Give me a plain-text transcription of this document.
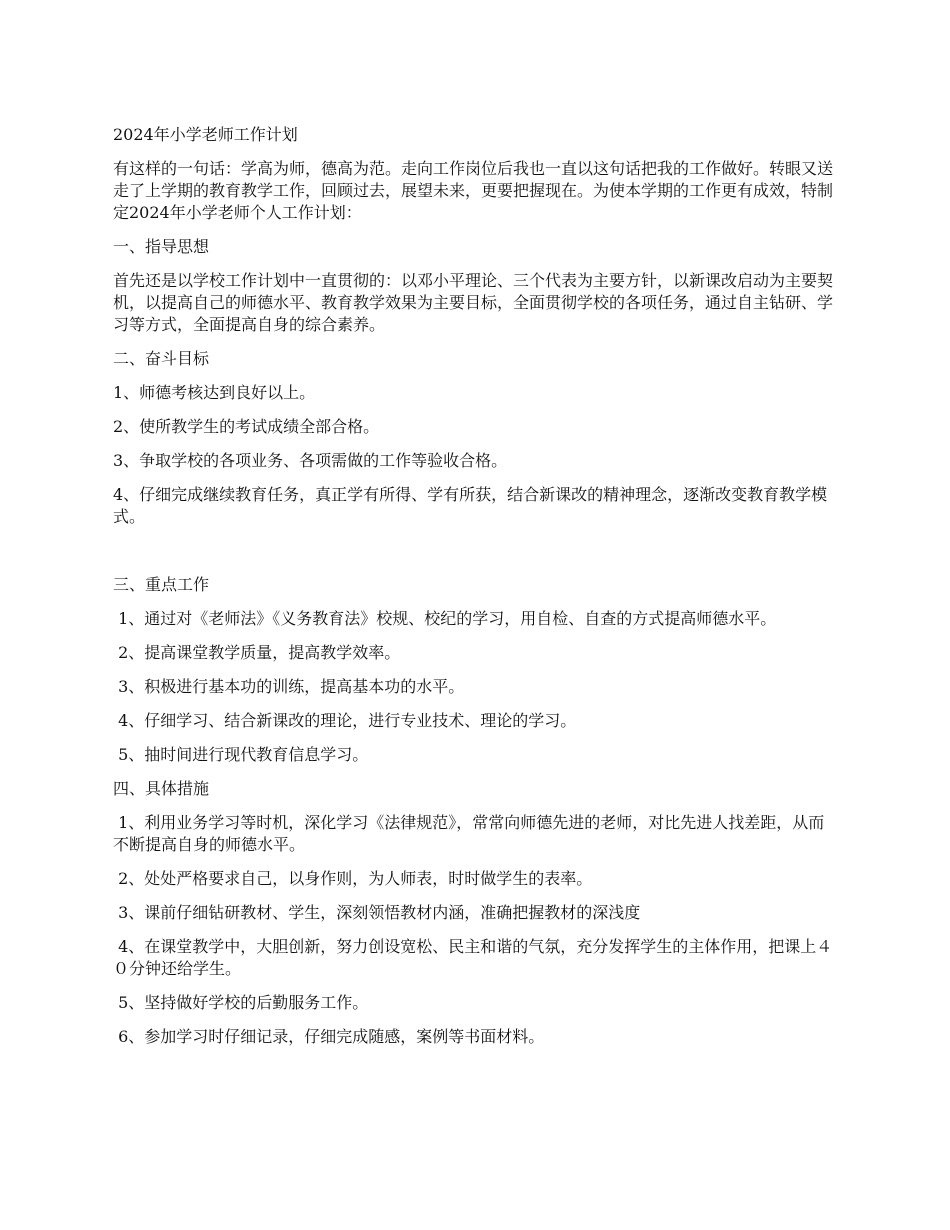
2024年小学老师工作计划

有这样的一句话：学高为师，德高为范。走向工作岗位后我也一直以这句话把我的工作做好。转眼又送走了上学期的教育教学工作，回顾过去，展望未来，更要把握现在。为使本学期的工作更有成效，特制定2024年小学老师个人工作计划：

一、指导思想

首先还是以学校工作计划中一直贯彻的：以邓小平理论、三个代表为主要方针，以新课改启动为主要契机，以提高自己的师德水平、教育教学效果为主要目标，全面贯彻学校的各项任务，通过自主钻研、学习等方式，全面提高自身的综合素养。

二、奋斗目标

1、师德考核达到良好以上。

2、使所教学生的考试成绩全部合格。

3、争取学校的各项业务、各项需做的工作等验收合格。

4、仔细完成继续教育任务，真正学有所得、学有所获，结合新课改的精神理念，逐渐改变教育教学模式。

三、重点工作

1、通过对《老师法》《义务教育法》校规、校纪的学习，用自检、自查的方式提高师德水平。

2、提高课堂教学质量，提高教学效率。

3、积极进行基本功的训练，提高基本功的水平。

4、仔细学习、结合新课改的理论，进行专业技术、理论的学习。

5、抽时间进行现代教育信息学习。

四、具体措施

1、利用业务学习等时机，深化学习《法律规范》，常常向师德先进的老师，对比先进人找差距，从而不断提高自身的师德水平。

2、处处严格要求自己，以身作则，为人师表，时时做学生的表率。

3、课前仔细钻研教材、学生，深刻领悟教材内涵，准确把握教材的深浅度

4、在课堂教学中，大胆创新，努力创设宽松、民主和谐的气氛，充分发挥学生的主体作用，把课上４０分钟还给学生。

5、坚持做好学校的后勤服务工作。

6、参加学习时仔细记录，仔细完成随感，案例等书面材料。
